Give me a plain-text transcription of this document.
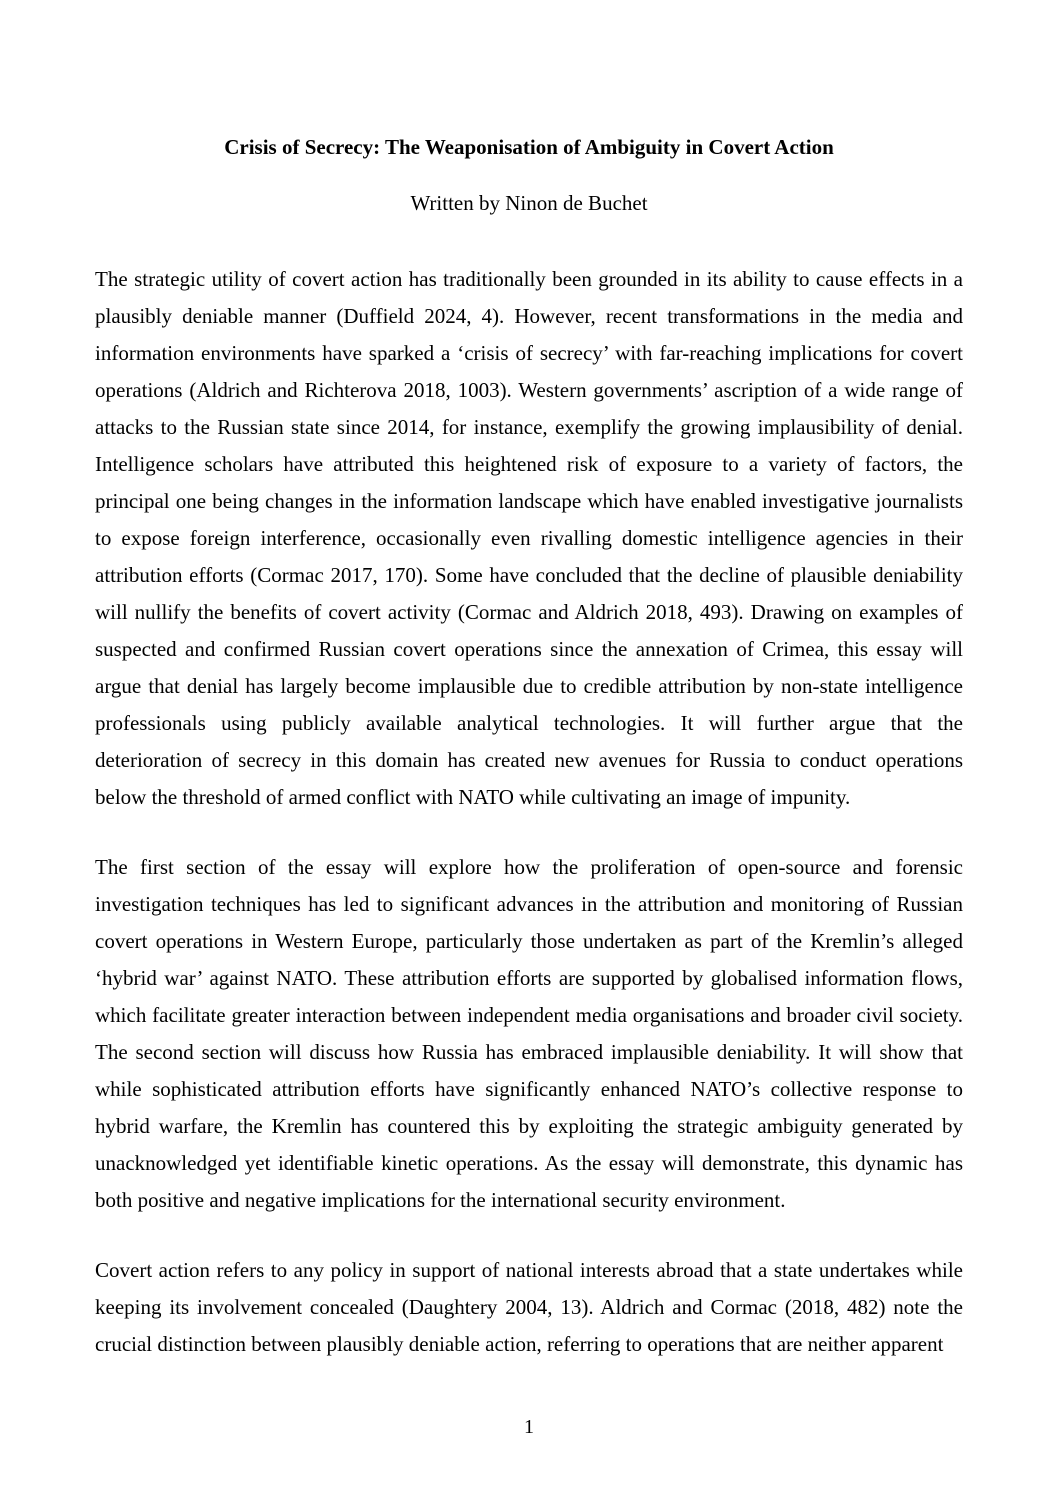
Crisis of Secrecy: The Weaponisation of Ambiguity in Covert Action
Written by Ninon de Buchet

The strategic utility of covert action has traditionally been grounded in its ability to cause effects in a plausibly deniable manner (Duffield 2024, 4). However, recent transformations in the media and information environments have sparked a ‘crisis of secrecy’ with far-reaching implications for covert operations (Aldrich and Richterova 2018, 1003). Western governments’ ascription of a wide range of attacks to the Russian state since 2014, for instance, exemplify the growing implausibility of denial. Intelligence scholars have attributed this heightened risk of exposure to a variety of factors, the principal one being changes in the information landscape which have enabled investigative journalists to expose foreign interference, occasionally even rivalling domestic intelligence agencies in their attribution efforts (Cormac 2017, 170). Some have concluded that the decline of plausible deniability will nullify the benefits of covert activity (Cormac and Aldrich 2018, 493). Drawing on examples of suspected and confirmed Russian covert operations since the annexation of Crimea, this essay will argue that denial has largely become implausible due to credible attribution by non-state intelligence professionals using publicly available analytical technologies. It will further argue that the deterioration of secrecy in this domain has created new avenues for Russia to conduct operations below the threshold of armed conflict with NATO while cultivating an image of impunity.

The first section of the essay will explore how the proliferation of open-source and forensic investigation techniques has led to significant advances in the attribution and monitoring of Russian covert operations in Western Europe, particularly those undertaken as part of the Kremlin’s alleged ‘hybrid war’ against NATO. These attribution efforts are supported by globalised information flows, which facilitate greater interaction between independent media organisations and broader civil society. The second section will discuss how Russia has embraced implausible deniability. It will show that while sophisticated attribution efforts have significantly enhanced NATO’s collective response to hybrid warfare, the Kremlin has countered this by exploiting the strategic ambiguity generated by unacknowledged yet identifiable kinetic operations. As the essay will demonstrate, this dynamic has both positive and negative implications for the international security environment.

Covert action refers to any policy in support of national interests abroad that a state undertakes while keeping its involvement concealed (Daughtery 2004, 13). Aldrich and Cormac (2018, 482) note the crucial distinction between plausibly deniable action, referring to operations that are neither apparent

1
